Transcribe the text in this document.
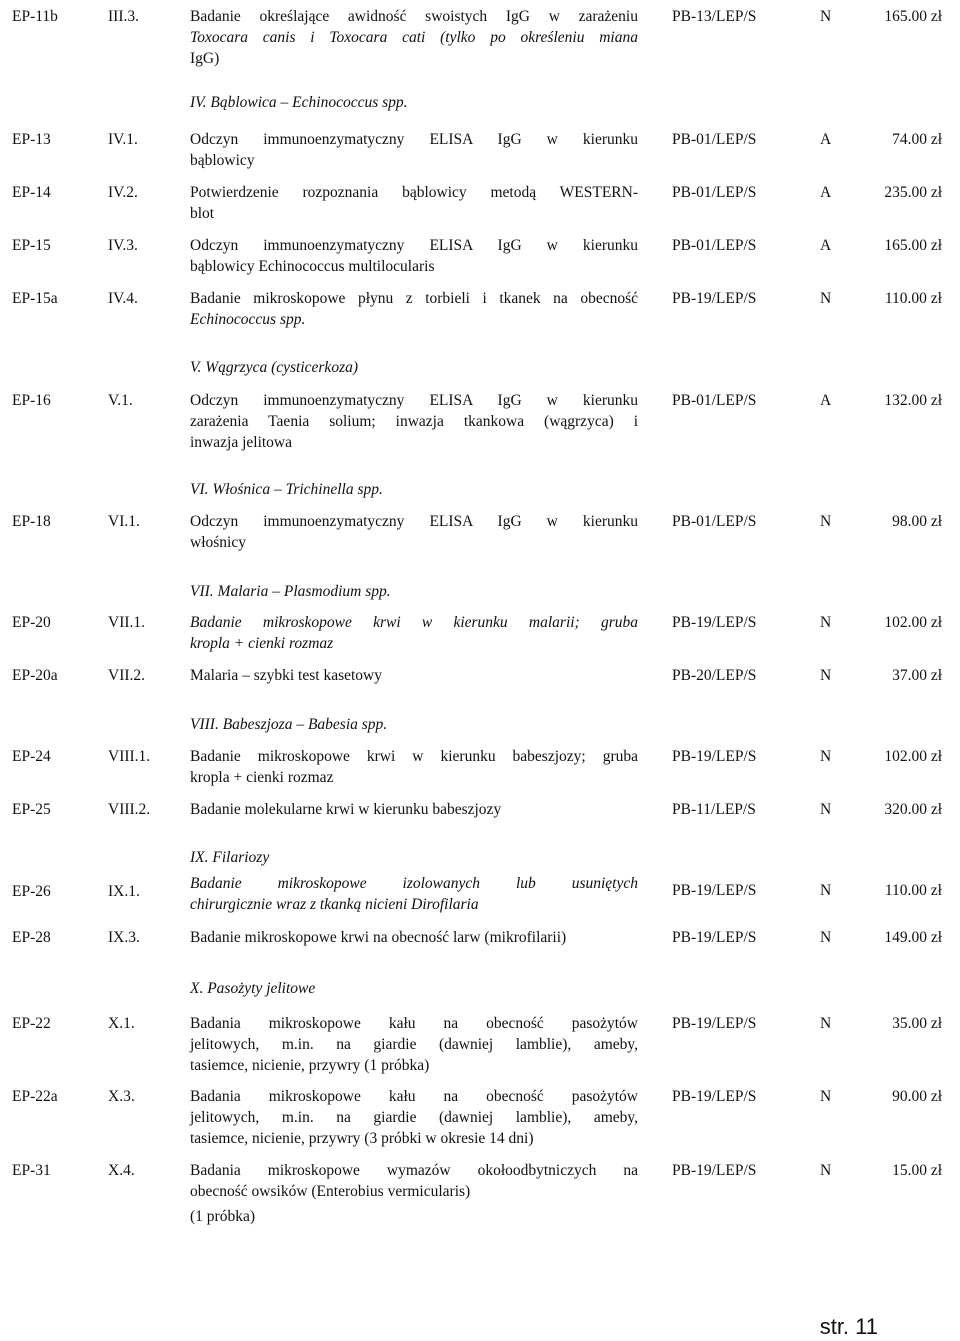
EP-11b	III.3.	Badanie określające awidność swoistych IgG w zarażeniu
Toxocara canis i Toxocara cati (tylko po określeniu miana
IgG)
PB-13/LEP/S	N	165.00 zł
IV. Bąblowica – Echinococcus spp.
EP-13	IV.1.	Odczyn immunoenzymatyczny ELISA IgG w kierunku
bąblowicy
PB-01/LEP/S	A	74.00 zł
EP-14	IV.2.	Potwierdzenie rozpoznania bąblowicy metodą WESTERN-
blot
PB-01/LEP/S	A	235.00 zł
EP-15	IV.3.	Odczyn immunoenzymatyczny ELISA IgG w kierunku
bąblowicy Echinococcus multilocularis
PB-01/LEP/S	A	165.00 zł
EP-15a	IV.4.	Badanie mikroskopowe płynu z torbieli i tkanek na obecność
Echinococcus spp.
PB-19/LEP/S	N	110.00 zł
V. Wągrzyca (cysticerkoza)
EP-16	V.1.	Odczyn immunoenzymatyczny ELISA IgG w kierunku
zarażenia Taenia solium; inwazja tkankowa (wągrzyca) i
inwazja jelitowa
PB-01/LEP/S	A	132.00 zł
VI. Włośnica – Trichinella spp.
EP-18	VI.1.	Odczyn immunoenzymatyczny ELISA IgG w kierunku
włośnicy
PB-01/LEP/S	N	98.00 zł
VII. Malaria – Plasmodium spp.
EP-20	VII.1.	Badanie mikroskopowe krwi w kierunku malarii; gruba
kropla + cienki rozmaz
PB-19/LEP/S	N	102.00 zł
EP-20a	VII.2.	Malaria – szybki test kasetowy	PB-20/LEP/S	N	37.00 zł
VIII. Babeszjoza – Babesia spp.
EP-24	VIII.1.	Badanie mikroskopowe krwi w kierunku babeszjozy; gruba
kropla + cienki rozmaz
PB-19/LEP/S	N	102.00 zł
EP-25	VIII.2.	Badanie molekularne krwi w kierunku babeszjozy	PB-11/LEP/S	N	320.00 zł
IX. Filariozy
EP-26	IX.1.	Badanie mikroskopowe izolowanych lub usuniętych
chirurgicznie wraz z tkanką nicieni Dirofilaria
PB-19/LEP/S	N	110.00 zł
EP-28	IX.3.	Badanie mikroskopowe krwi na obecność larw (mikrofilarii)	PB-19/LEP/S	N	149.00 zł
X. Pasożyty jelitowe
EP-22	X.1.	Badania mikroskopowe kału na obecność pasożytów
jelitowych, m.in. na giardie (dawniej lamblie), ameby,
tasiemce, nicienie, przywry (1 próbka)
PB-19/LEP/S	N	35.00 zł
EP-22a	X.3.	Badania mikroskopowe kału na obecność pasożytów
jelitowych, m.in. na giardie (dawniej lamblie), ameby,
tasiemce, nicienie, przywry (3 próbki w okresie 14 dni)
PB-19/LEP/S	N	90.00 zł
EP-31	X.4.	Badania mikroskopowe wymazów okołoodbytniczych na
obecność owsików (Enterobius vermicularis)
(1 próbka)
PB-19/LEP/S	N	15.00 zł
str. 11
